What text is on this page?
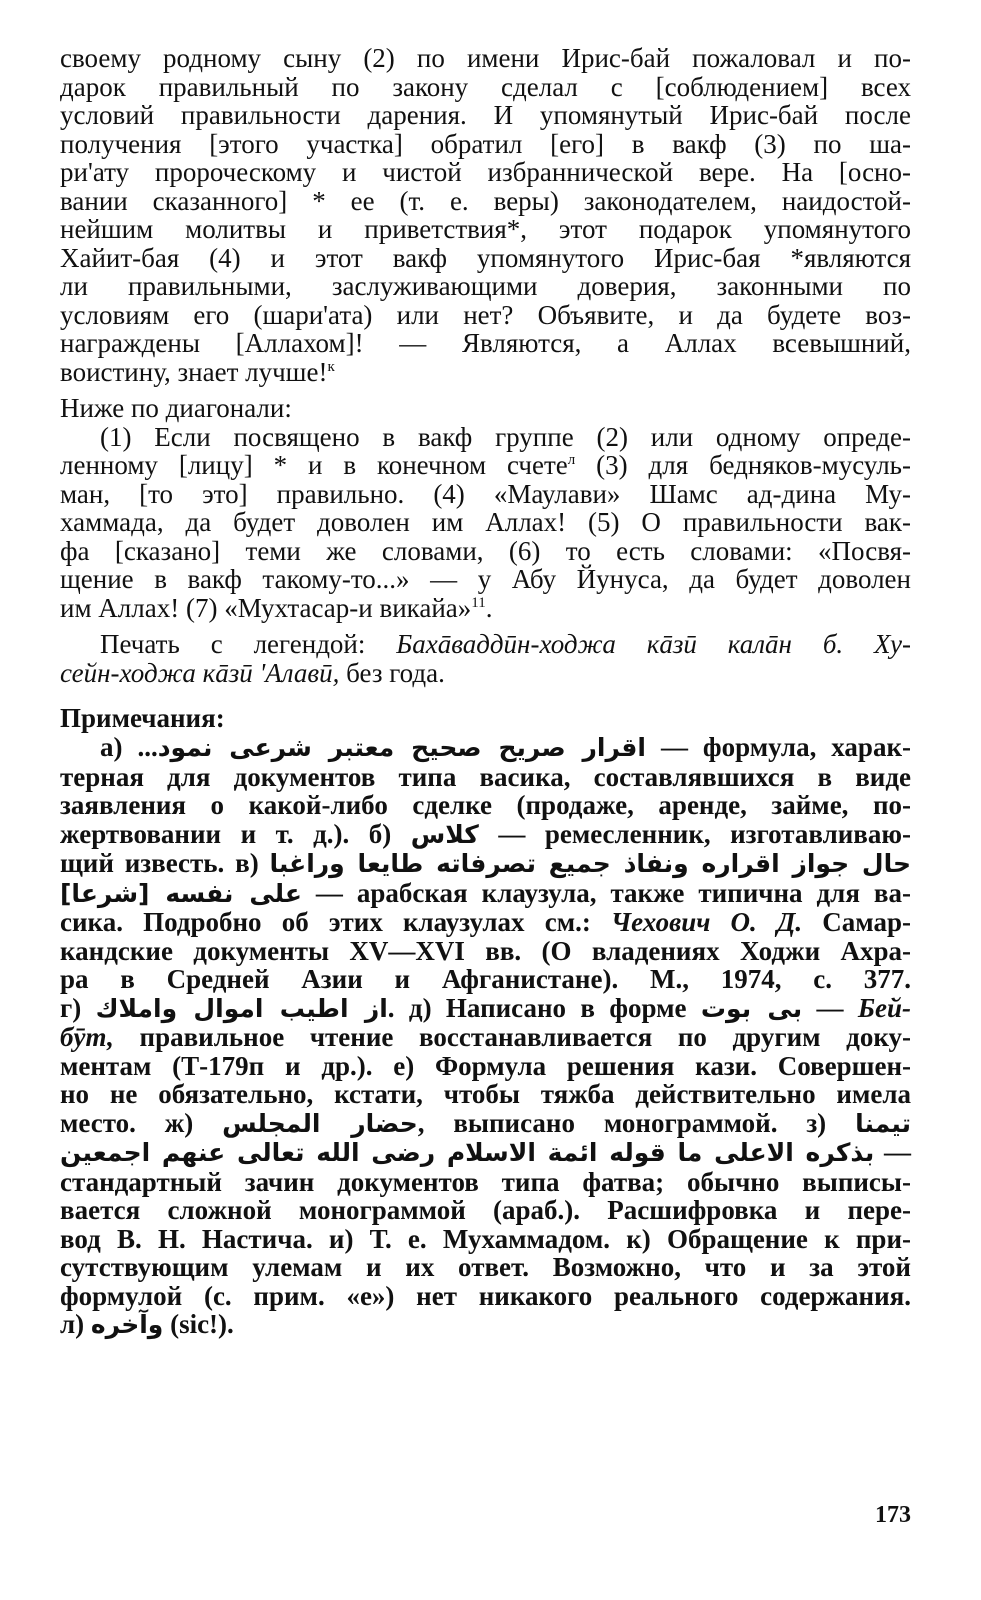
своему родному сыну (2) по имени Ирис-бай пожаловал и по-

дарок правильный по закону сделал с [соблюдением] всех

условий правильности дарения. И упомянутый Ирис-бай после

получения [этого участка] обратил [его] в вакф (3) по ша-

ри'ату пророческому и чистой избраннической вере. На [осно-

вании сказанного] * ее (т. е. веры) законодателем, наидостой-

нейшим молитвы и приветствия*, этот подарок упомянутого

Хайит-бая (4) и этот вакф упомянутого Ирис-бая *являются

ли правильными, заслуживающими доверия, законными по

условиям его (шари'ата) или нет? Объявите, и да будете воз-

награждены [Аллахом]! — Являются, а Аллах всевышний,

воистину, знает лучше!$^к$

Ниже по диагонали:

(1) Если посвящено в вакф группе (2) или одному опреде-

ленному [лицу] * и в конечном счете$^л$ (3) для бедняков-мусуль-

ман, [то это] правильно. (4) «Маулави» Шамс ад-дина Му-

хаммада, да будет доволен им Аллах! (5) О правильности вак-

фа [сказано] теми же словами, (6) то есть словами: «Посвя-

щение в вакф такому-то...» — у Абу Йунуса, да будет доволен

им Аллах! (7) «Мухтасар-и викайа»$^{11}$.

Печать с легендой: Бахāваддūн-ходжа кāзū калāн б. Ху-

сейн-ходжа кāзū 'Алавū, без года.

Примечания:

а) ...اقرار صريح صحيح معتبر شرعى نمود — формула, харак-

терная для документов типа васика, составлявшихся в виде

заявления о какой-либо сделке (продаже, аренде, займе, по-

жертвовании и т. д.). б) كلاس — ремесленник, изготавливаю-

щий известь. в) حال جواز اقراره ونفاذ جميع تصرفاته طايعا وراغبا

على نفسه [شرعا] — арабская клаузула, также типична для ва-

сика. Подробно об этих клаузулах см.: Чехович О. Д. Самар-

кандские документы XV—XVI вв. (О владениях Ходжи Ахра-

ра в Средней Азии и Афганистане). М., 1974, с. 377.

г) از اطيب اموال واملاك. д) Написано в форме بى بوت — Бей-

бӯт, правильное чтение восстанавливается по другим доку-

ментам (Т-179п и др.). е) Формула решения кази. Совершен-

но не обязательно, кстати, чтобы тяжба действительно имела

место. ж) حضار المجلس, выписано монограммой. з) تيمنا

بذكره الاعلى ما قوله ائمة الاسلام رضى الله تعالى عنهم اجمعين —

стандартный зачин документов типа фатва; обычно выписы-

вается сложной монограммой (араб.). Расшифровка и пере-

вод В. Н. Настича. и) Т. е. Мухаммадом. к) Обращение к при-

сутствующим улемам и их ответ. Возможно, что и за этой

формулой (с. прим. «е») нет никакого реального содержания.

л) وآخره (sic!).

173
